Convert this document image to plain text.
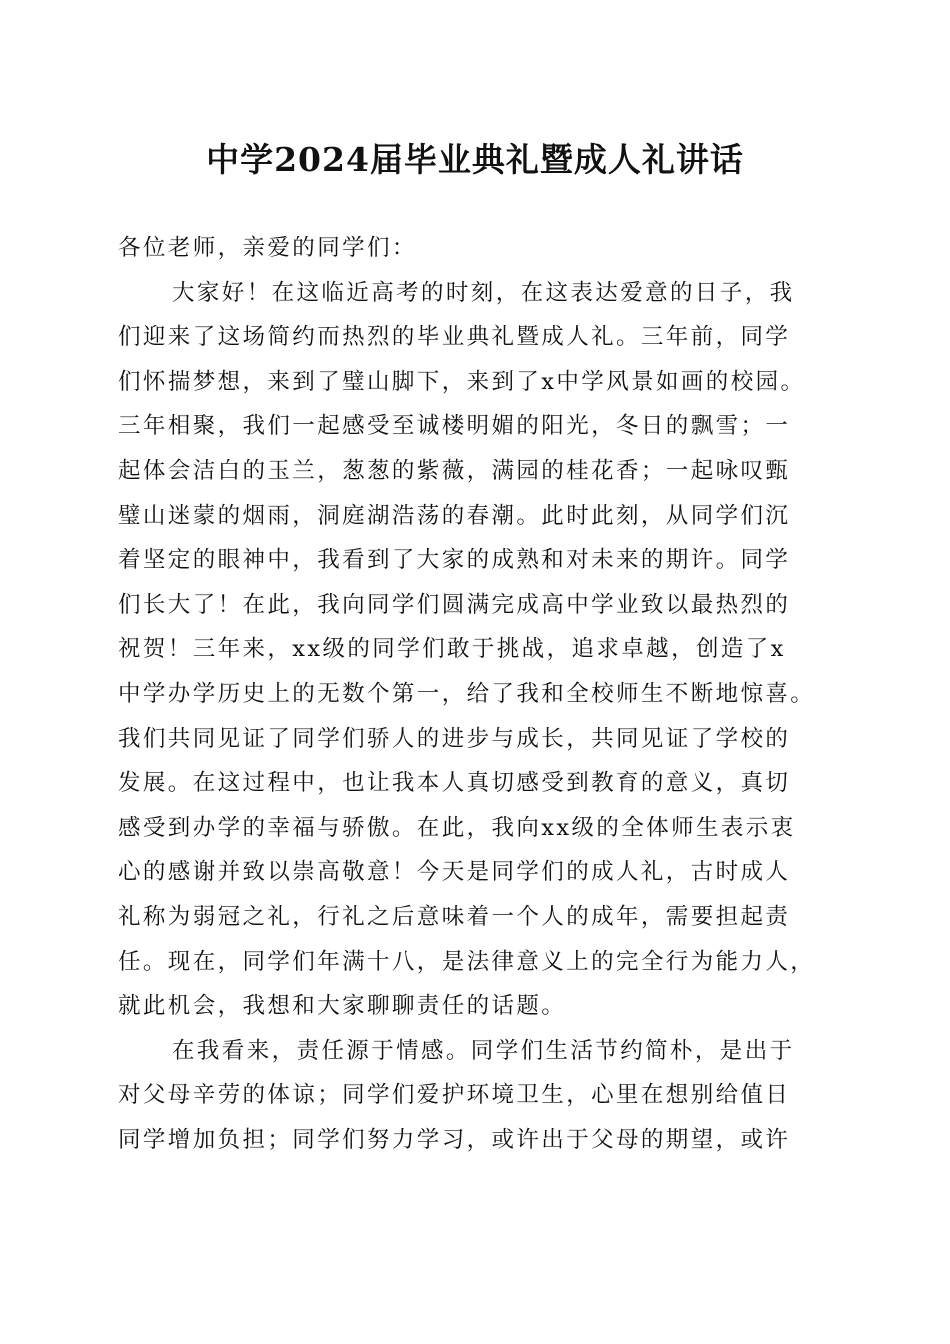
中学2024届毕业典礼暨成人礼讲话
各位老师，亲爱的同学们：
大家好！在这临近高考的时刻，在这表达爱意的日子，我
们迎来了这场简约而热烈的毕业典礼暨成人礼。三年前，同学
们怀揣梦想，来到了璧山脚下，来到了x中学风景如画的校园。
三年相聚，我们一起感受至诚楼明媚的阳光，冬日的飘雪；一
起体会洁白的玉兰，葱葱的紫薇，满园的桂花香；一起咏叹甄
璧山迷蒙的烟雨，洞庭湖浩荡的春潮。此时此刻，从同学们沉
着坚定的眼神中，我看到了大家的成熟和对未来的期许。同学
们长大了！在此，我向同学们圆满完成高中学业致以最热烈的
祝贺！三年来，xx级的同学们敢于挑战，追求卓越，创造了x
中学办学历史上的无数个第一，给了我和全校师生不断地惊喜。
我们共同见证了同学们骄人的进步与成长，共同见证了学校的
发展。在这过程中，也让我本人真切感受到教育的意义，真切
感受到办学的幸福与骄傲。在此，我向xx级的全体师生表示衷
心的感谢并致以崇高敬意！今天是同学们的成人礼，古时成人
礼称为弱冠之礼，行礼之后意味着一个人的成年，需要担起责
任。现在，同学们年满十八，是法律意义上的完全行为能力人，
就此机会，我想和大家聊聊责任的话题。
在我看来，责任源于情感。同学们生活节约简朴，是出于
对父母辛劳的体谅；同学们爱护环境卫生，心里在想别给值日
同学增加负担；同学们努力学习，或许出于父母的期望，或许
